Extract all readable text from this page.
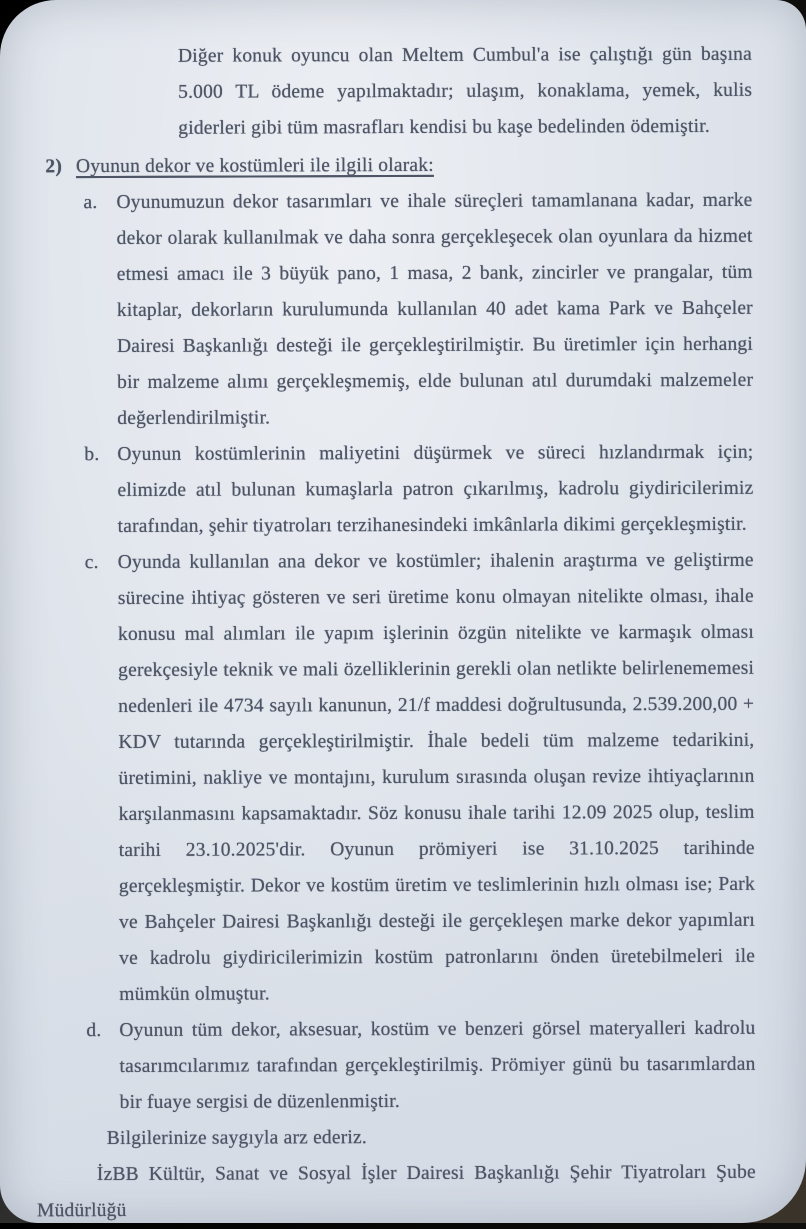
Diğer konuk oyuncu olan Meltem Cumbul'a ise çalıştığı gün başına 5.000 TL ödeme yapılmaktadır; ulaşım, konaklama, yemek, kulis giderleri gibi tüm masrafları kendisi bu kaşe bedelinden ödemiştir.

2) Oyunun dekor ve kostümleri ile ilgili olarak:
a. Oyunumuzun dekor tasarımları ve ihale süreçleri tamamlanana kadar, marke dekor olarak kullanılmak ve daha sonra gerçekleşecek olan oyunlara da hizmet etmesi amacı ile 3 büyük pano, 1 masa, 2 bank, zincirler ve prangalar, tüm kitaplar, dekorların kurulumunda kullanılan 40 adet kama Park ve Bahçeler Dairesi Başkanlığı desteği ile gerçekleştirilmiştir. Bu üretimler için herhangi bir malzeme alımı gerçekleşmemiş, elde bulunan atıl durumdaki malzemeler değerlendirilmiştir.
b. Oyunun kostümlerinin maliyetini düşürmek ve süreci hızlandırmak için; elimizde atıl bulunan kumaşlarla patron çıkarılmış, kadrolu giydiricilerimiz tarafından, şehir tiyatroları terzihanesindeki imkânlarla dikimi gerçekleşmiştir.
c. Oyunda kullanılan ana dekor ve kostümler; ihalenin araştırma ve geliştirme sürecine ihtiyaç gösteren ve seri üretime konu olmayan nitelikte olması, ihale konusu mal alımları ile yapım işlerinin özgün nitelikte ve karmaşık olması gerekçesiyle teknik ve mali özelliklerinin gerekli olan netlikte belirlenememesi nedenleri ile 4734 sayılı kanunun, 21/f maddesi doğrultusunda, 2.539.200,00 + KDV tutarında gerçekleştirilmiştir. İhale bedeli tüm malzeme tedarikini, üretimini, nakliye ve montajını, kurulum sırasında oluşan revize ihtiyaçlarının karşılanmasını kapsamaktadır. Söz konusu ihale tarihi 12.09 2025 olup, teslim tarihi 23.10.2025'dir. Oyunun prömiyeri ise 31.10.2025 tarihinde gerçekleşmiştir. Dekor ve kostüm üretim ve teslimlerinin hızlı olması ise; Park ve Bahçeler Dairesi Başkanlığı desteği ile gerçekleşen marke dekor yapımları ve kadrolu giydiricilerimizin kostüm patronlarını önden üretebilmeleri ile mümkün olmuştur.
d. Oyunun tüm dekor, aksesuar, kostüm ve benzeri görsel materyalleri kadrolu tasarımcılarımız tarafından gerçekleştirilmiş. Prömiyer günü bu tasarımlardan bir fuaye sergisi de düzenlenmiştir.

Bilgilerinize saygıyla arz ederiz.

İzBB Kültür, Sanat ve Sosyal İşler Dairesi Başkanlığı Şehir Tiyatroları Şube Müdürlüğü
